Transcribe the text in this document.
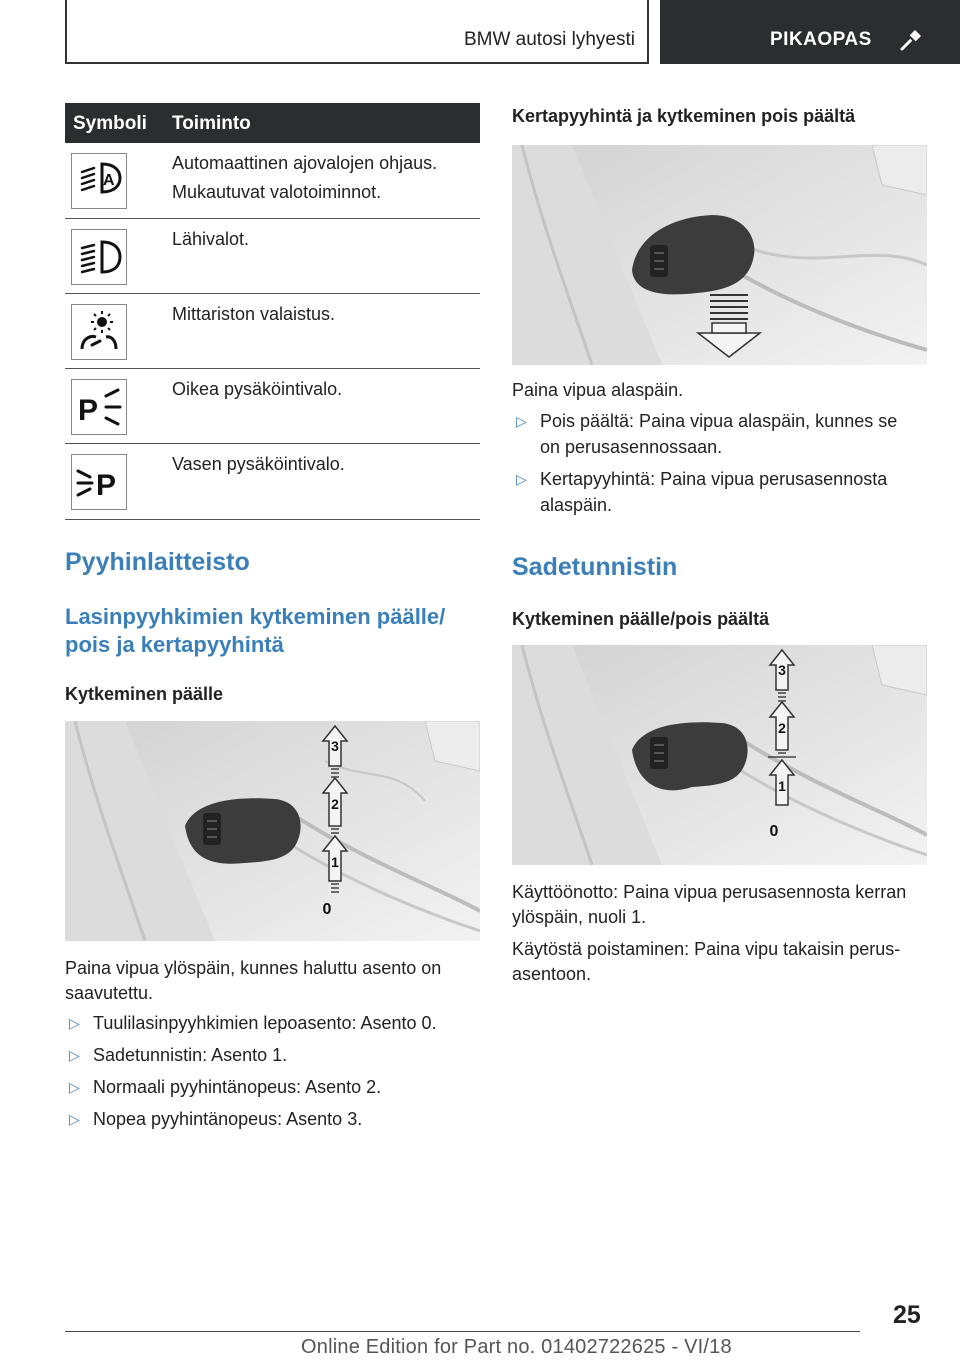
BMW autosi lyhyesti	PIKAOPAS
Symboli Toiminto
A
Automaattinen ajovalojen ohjaus.
Mukautuvat valotoiminnot.
Lähivalot.
Mittariston valaistus.
P
Oikea pysäköintivalo.
P
Vasen pysäköintivalo.
Pyyhinlaitteisto
Lasinpyyhkimien kytkeminen päälle/
pois ja kertapyyhintä
Kytkeminen päälle
3
2
1
0
Paina vipua ylöspäin, kunnes haluttu asento on
saavutettu.
▷ Tuulilasinpyyhkimien lepoasento: Asento 0.
▷ Sadetunnistin: Asento 1.
▷ Normaali pyyhintänopeus: Asento 2.
▷ Nopea pyyhintänopeus: Asento 3.
Kertapyyhintä ja kytkeminen pois päältä
Paina vipua alaspäin.
▷ Pois päältä: Paina vipua alaspäin, kunnes se
on perusasennossaan.
▷ Kertapyyhintä: Paina vipua perusasennosta
alaspäin.
Sadetunnistin
Kytkeminen päälle/pois päältä
3
2
1
0
Käyttöönotto: Paina vipua perusasennosta kerran
ylöspäin, nuoli 1.
Käytöstä poistaminen: Paina vipu takaisin perus-
asentoon.
25
Online Edition for Part no. 01402722625 - VI/18
